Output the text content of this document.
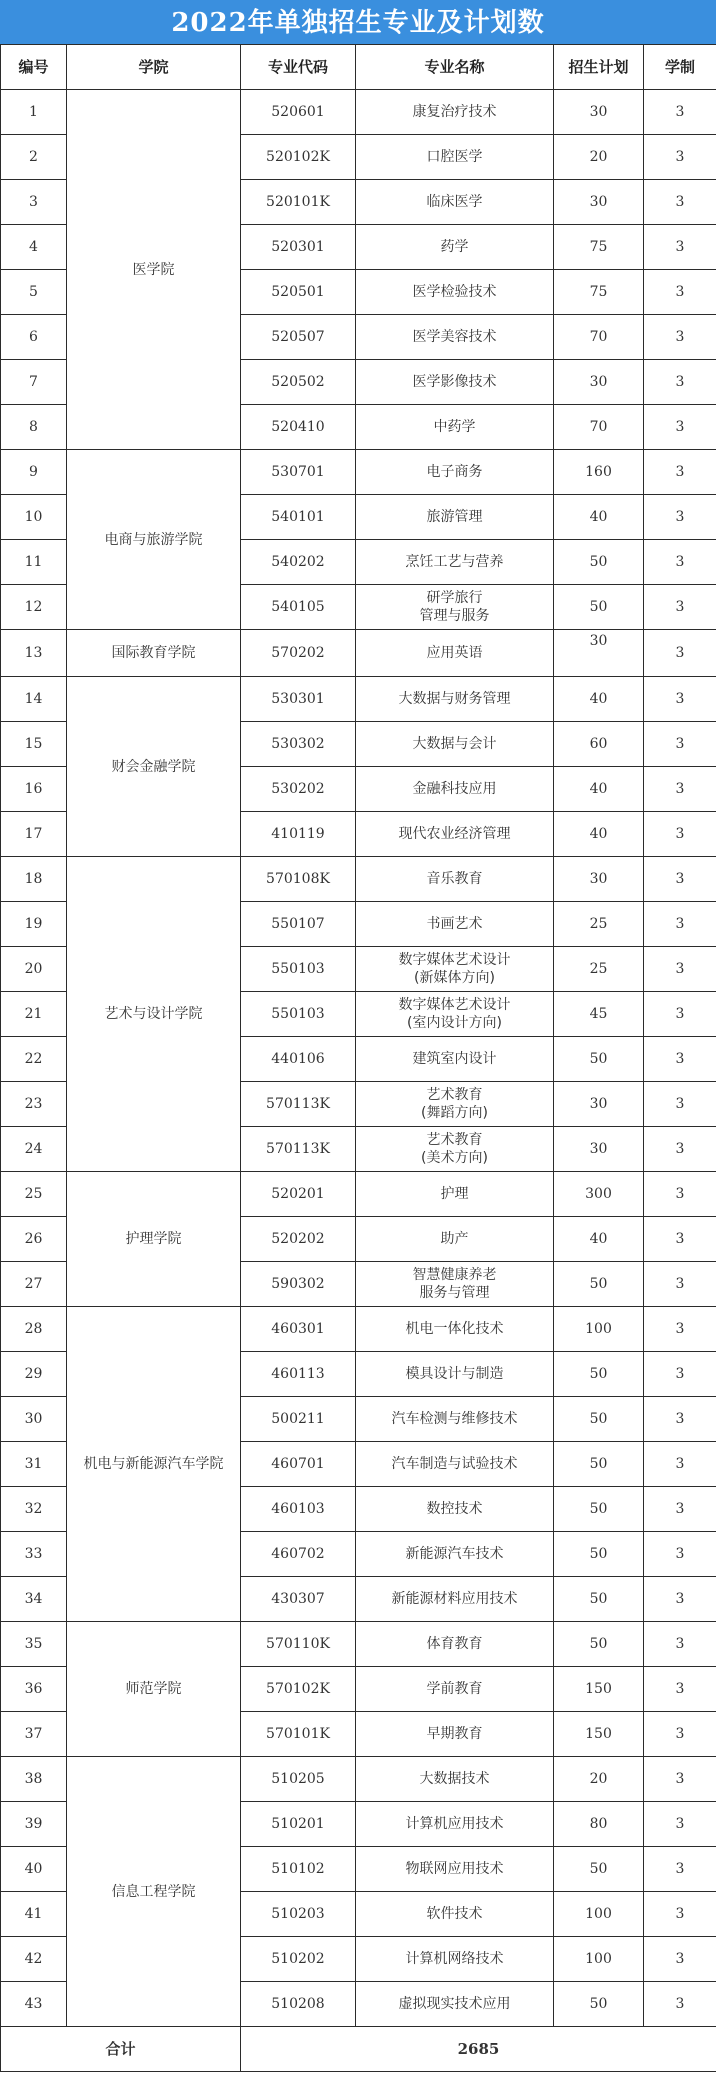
2022年单独招生专业及计划数
编号	学院	专业代码	专业名称	招生计划	学制
1	医学院	520601	康复治疗技术	30	3
2		520102K	口腔医学	20	3
3		520101K	临床医学	30	3
4		520301	药学	75	3
5		520501	医学检验技术	75	3
6		520507	医学美容技术	70	3
7		520502	医学影像技术	30	3
8		520410	中药学	70	3
9	电商与旅游学院	530701	电子商务	160	3
10		540101	旅游管理	40	3
11		540202	烹饪工艺与营养	50	3
12		540105	研学旅行
管理与服务	50	3
13	国际教育学院	570202	应用英语	30	3
14	财会金融学院	530301	大数据与财务管理	40	3
15		530302	大数据与会计	60	3
16		530202	金融科技应用	40	3
17		410119	现代农业经济管理	40	3
18	艺术与设计学院	570108K	音乐教育	30	3
19		550107	书画艺术	25	3
20		550103	数字媒体艺术设计
(新媒体方向)	25	3
21		550103	数字媒体艺术设计
(室内设计方向)	45	3
22		440106	建筑室内设计	50	3
23		570113K	艺术教育
(舞蹈方向)	30	3
24		570113K	艺术教育
(美术方向)	30	3
25	护理学院	520201	护理	300	3
26		520202	助产	40	3
27		590302	智慧健康养老
服务与管理	50	3
28	机电与新能源汽车学院	460301	机电一体化技术	100	3
29		460113	模具设计与制造	50	3
30		500211	汽车检测与维修技术	50	3
31		460701	汽车制造与试验技术	50	3
32		460103	数控技术	50	3
33		460702	新能源汽车技术	50	3
34		430307	新能源材料应用技术	50	3
35	师范学院	570110K	体育教育	50	3
36		570102K	学前教育	150	3
37		570101K	早期教育	150	3
38	信息工程学院	510205	大数据技术	20	3
39		510201	计算机应用技术	80	3
40		510102	物联网应用技术	50	3
41		510203	软件技术	100	3
42		510202	计算机网络技术	100	3
43		510208	虚拟现实技术应用	50	3
合计		2685			
